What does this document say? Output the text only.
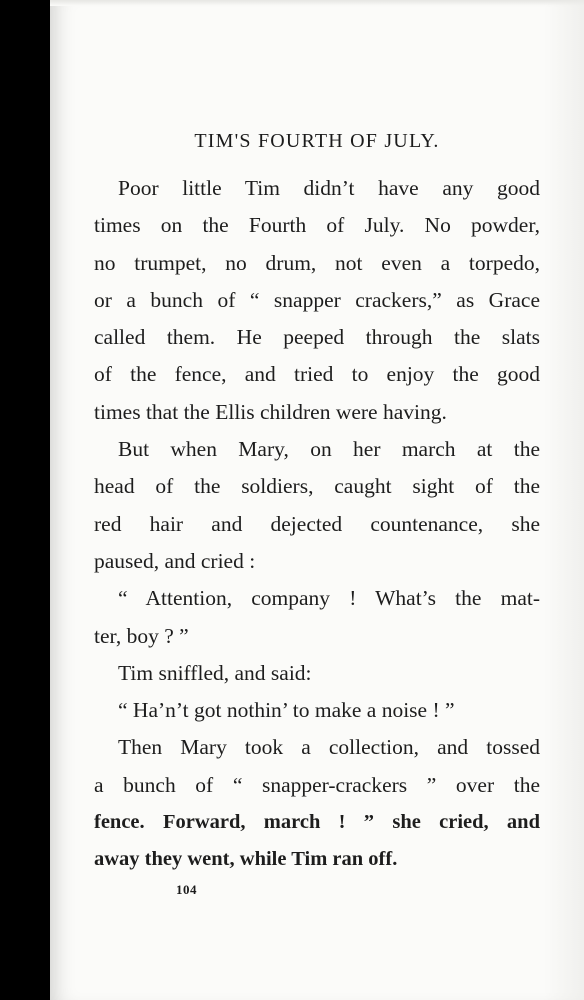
TIM'S FOURTH OF JULY.
Poor little Tim didn’t have any good
times on the Fourth of July. No powder,
no trumpet, no drum, not even a torpedo,
or a bunch of “ snapper crackers,” as Grace
called them. He peeped through the slats
of the fence, and tried to enjoy the good
times that the Ellis children were having.
But when Mary, on her march at the
head of the soldiers, caught sight of the
red hair and dejected countenance, she
paused, and cried :
“ Attention, company ! What’s the mat-
ter, boy ? ”
Tim sniffled, and said:
“ Ha’n’t got nothin’ to make a noise ! ”
Then Mary took a collection, and tossed
a bunch of “ snapper-crackers ” over the
fence. Forward, march ! ” she cried, and
away they went, while Tim ran off.
104
